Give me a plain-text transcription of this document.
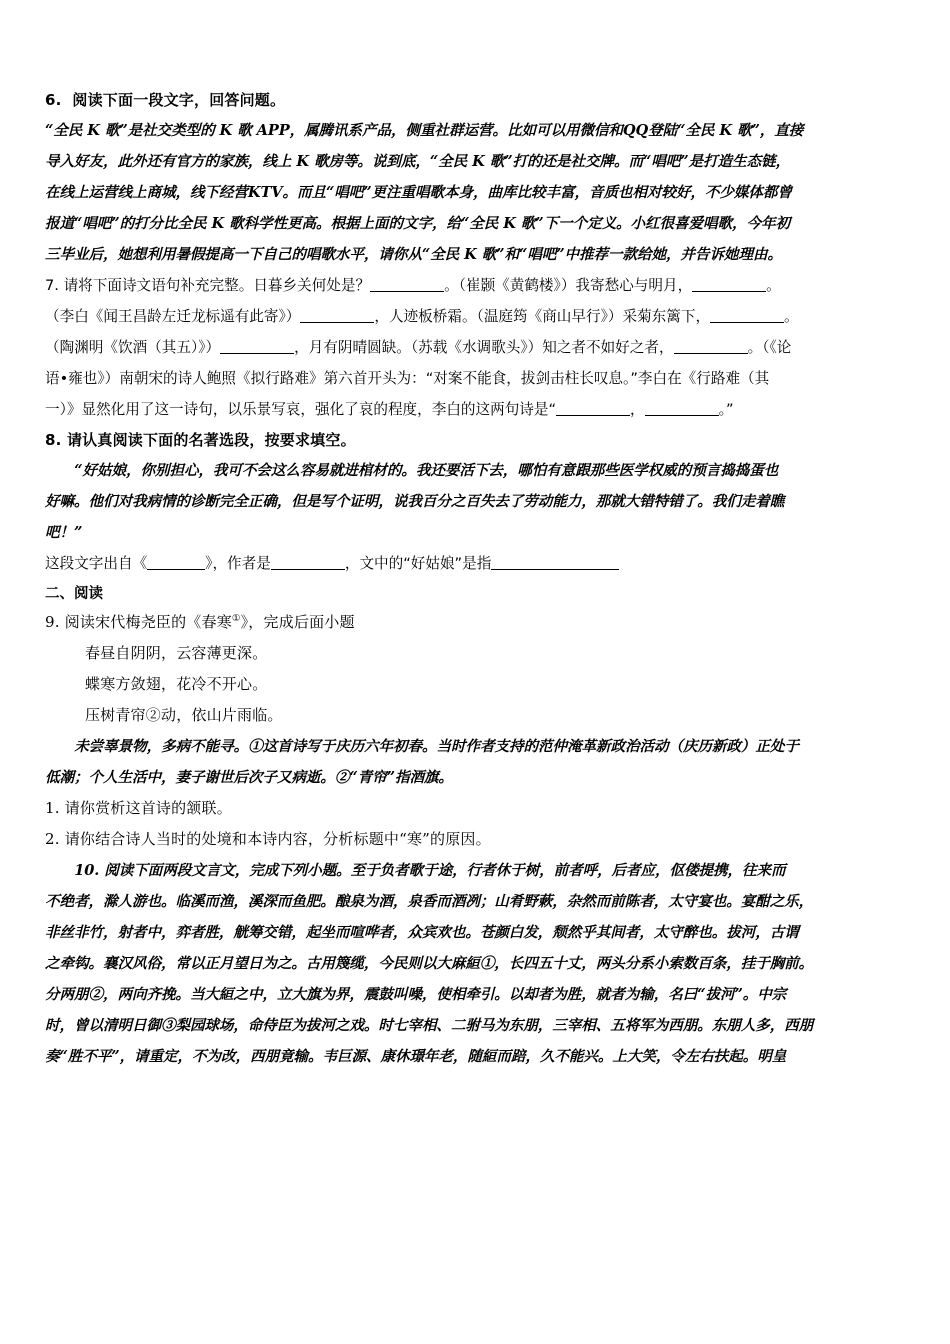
6. 阅读下面一段文字，回答问题。

“全民 K 歌”是社交类型的 K 歌 APP，属腾讯系产品，侧重社群运营。比如可以用微信和QQ登陆“全民 K 歌”，直接

导入好友，此外还有官方的家族，线上 K 歌房等。说到底，“全民 K 歌”打的还是社交牌。而“唱吧”是打造生态链，

在线上运营线上商城，线下经营KTV。而且“唱吧”更注重唱歌本身，曲库比较丰富，音质也相对较好，不少媒体都曾

报道“唱吧”的打分比全民 K 歌科学性更高。根据上面的文字，给“全民 K 歌”下一个定义。小红很喜爱唱歌，今年初

三毕业后，她想利用暑假提高一下自己的唱歌水平，请你从“全民 K 歌”和“唱吧”中推荐一款给她，并告诉她理由。

7. 请将下面诗文语句补充完整。日暮乡关何处是？	。（崔颢《黄鹤楼》）我寄愁心与明月，	。

（李白《闻王昌龄左迁龙标遥有此寄》）	，人迹板桥霜。（温庭筠《商山早行》）采菊东篱下，	。

（陶渊明《饮酒（其五）》）	，月有阴晴圆缺。（苏载《水调歌头》）知之者不如好之者，	。（《论

语•雍也》）南朝宋的诗人鲍照《拟行路难》第六首开头为：“对案不能食，拔剑击柱长叹息。”李白在《行路难（其

一）》显然化用了这一诗句，以乐景写哀，强化了哀的程度，李白的这两句诗是“	，	。”

8. 请认真阅读下面的名著选段，按要求填空。

“好姑娘，你别担心，我可不会这么容易就进棺材的。我还要活下去，哪怕有意跟那些医学权威的预言捣捣蛋也

好嘛。他们对我病情的诊断完全正确，但是写个证明，说我百分之百失去了劳动能力，那就大错特错了。我们走着瞧

吧！”

这段文字出自《	》，作者是	，文中的“好姑娘”是指

二、阅读

9. 阅读宋代梅尧臣的《春寒①》，完成后面小题

春昼自阴阴，云容薄更深。

蝶寒方敛翅，花冷不开心。

压树青帘②动，依山片雨临。

未尝辜景物，多病不能寻。①这首诗写于庆历六年初春。当时作者支持的范仲淹革新政治活动（庆历新政）正处于

低潮；个人生活中，妻子谢世后次子又病逝。②“青帘”指酒旗。

1. 请你赏析这首诗的颔联。

2. 请你结合诗人当时的处境和本诗内容，分析标题中“寒”的原因。

10. 阅读下面两段文言文，完成下列小题。至于负者歌于途，行者休于树，前者呼，后者应，伛偻提携，往来而

不绝者，滁人游也。临溪而渔，溪深而鱼肥。酿泉为酒，泉香而酒冽；山肴野蔌，杂然而前陈者，太守宴也。宴酣之乐，

非丝非竹，射者中，弈者胜，觥筹交错，起坐而喧哗者，众宾欢也。苍颜白发，颓然乎其间者，太守醉也。拔河，古谓

之牵钩。襄汉风俗，常以正月望日为之。古用篾缆，今民则以大麻絙①，长四五十丈，两头分系小索数百条，挂于胸前。

分两朋②，两向齐挽。当大絙之中，立大旗为界，震鼓叫噪，使相牵引。以却者为胜，就者为输，名曰“拔河”。中宗

时，曾以清明日御③梨园球场，命侍臣为拔河之戏。时七宰相、二驸马为东朋，三宰相、五将军为西朋。东朋人多，西朋

奏“胜不平”，请重定，不为改，西朋竟输。韦巨源、康休璟年老，随絙而踣，久不能兴。上大笑，令左右扶起。明皇
